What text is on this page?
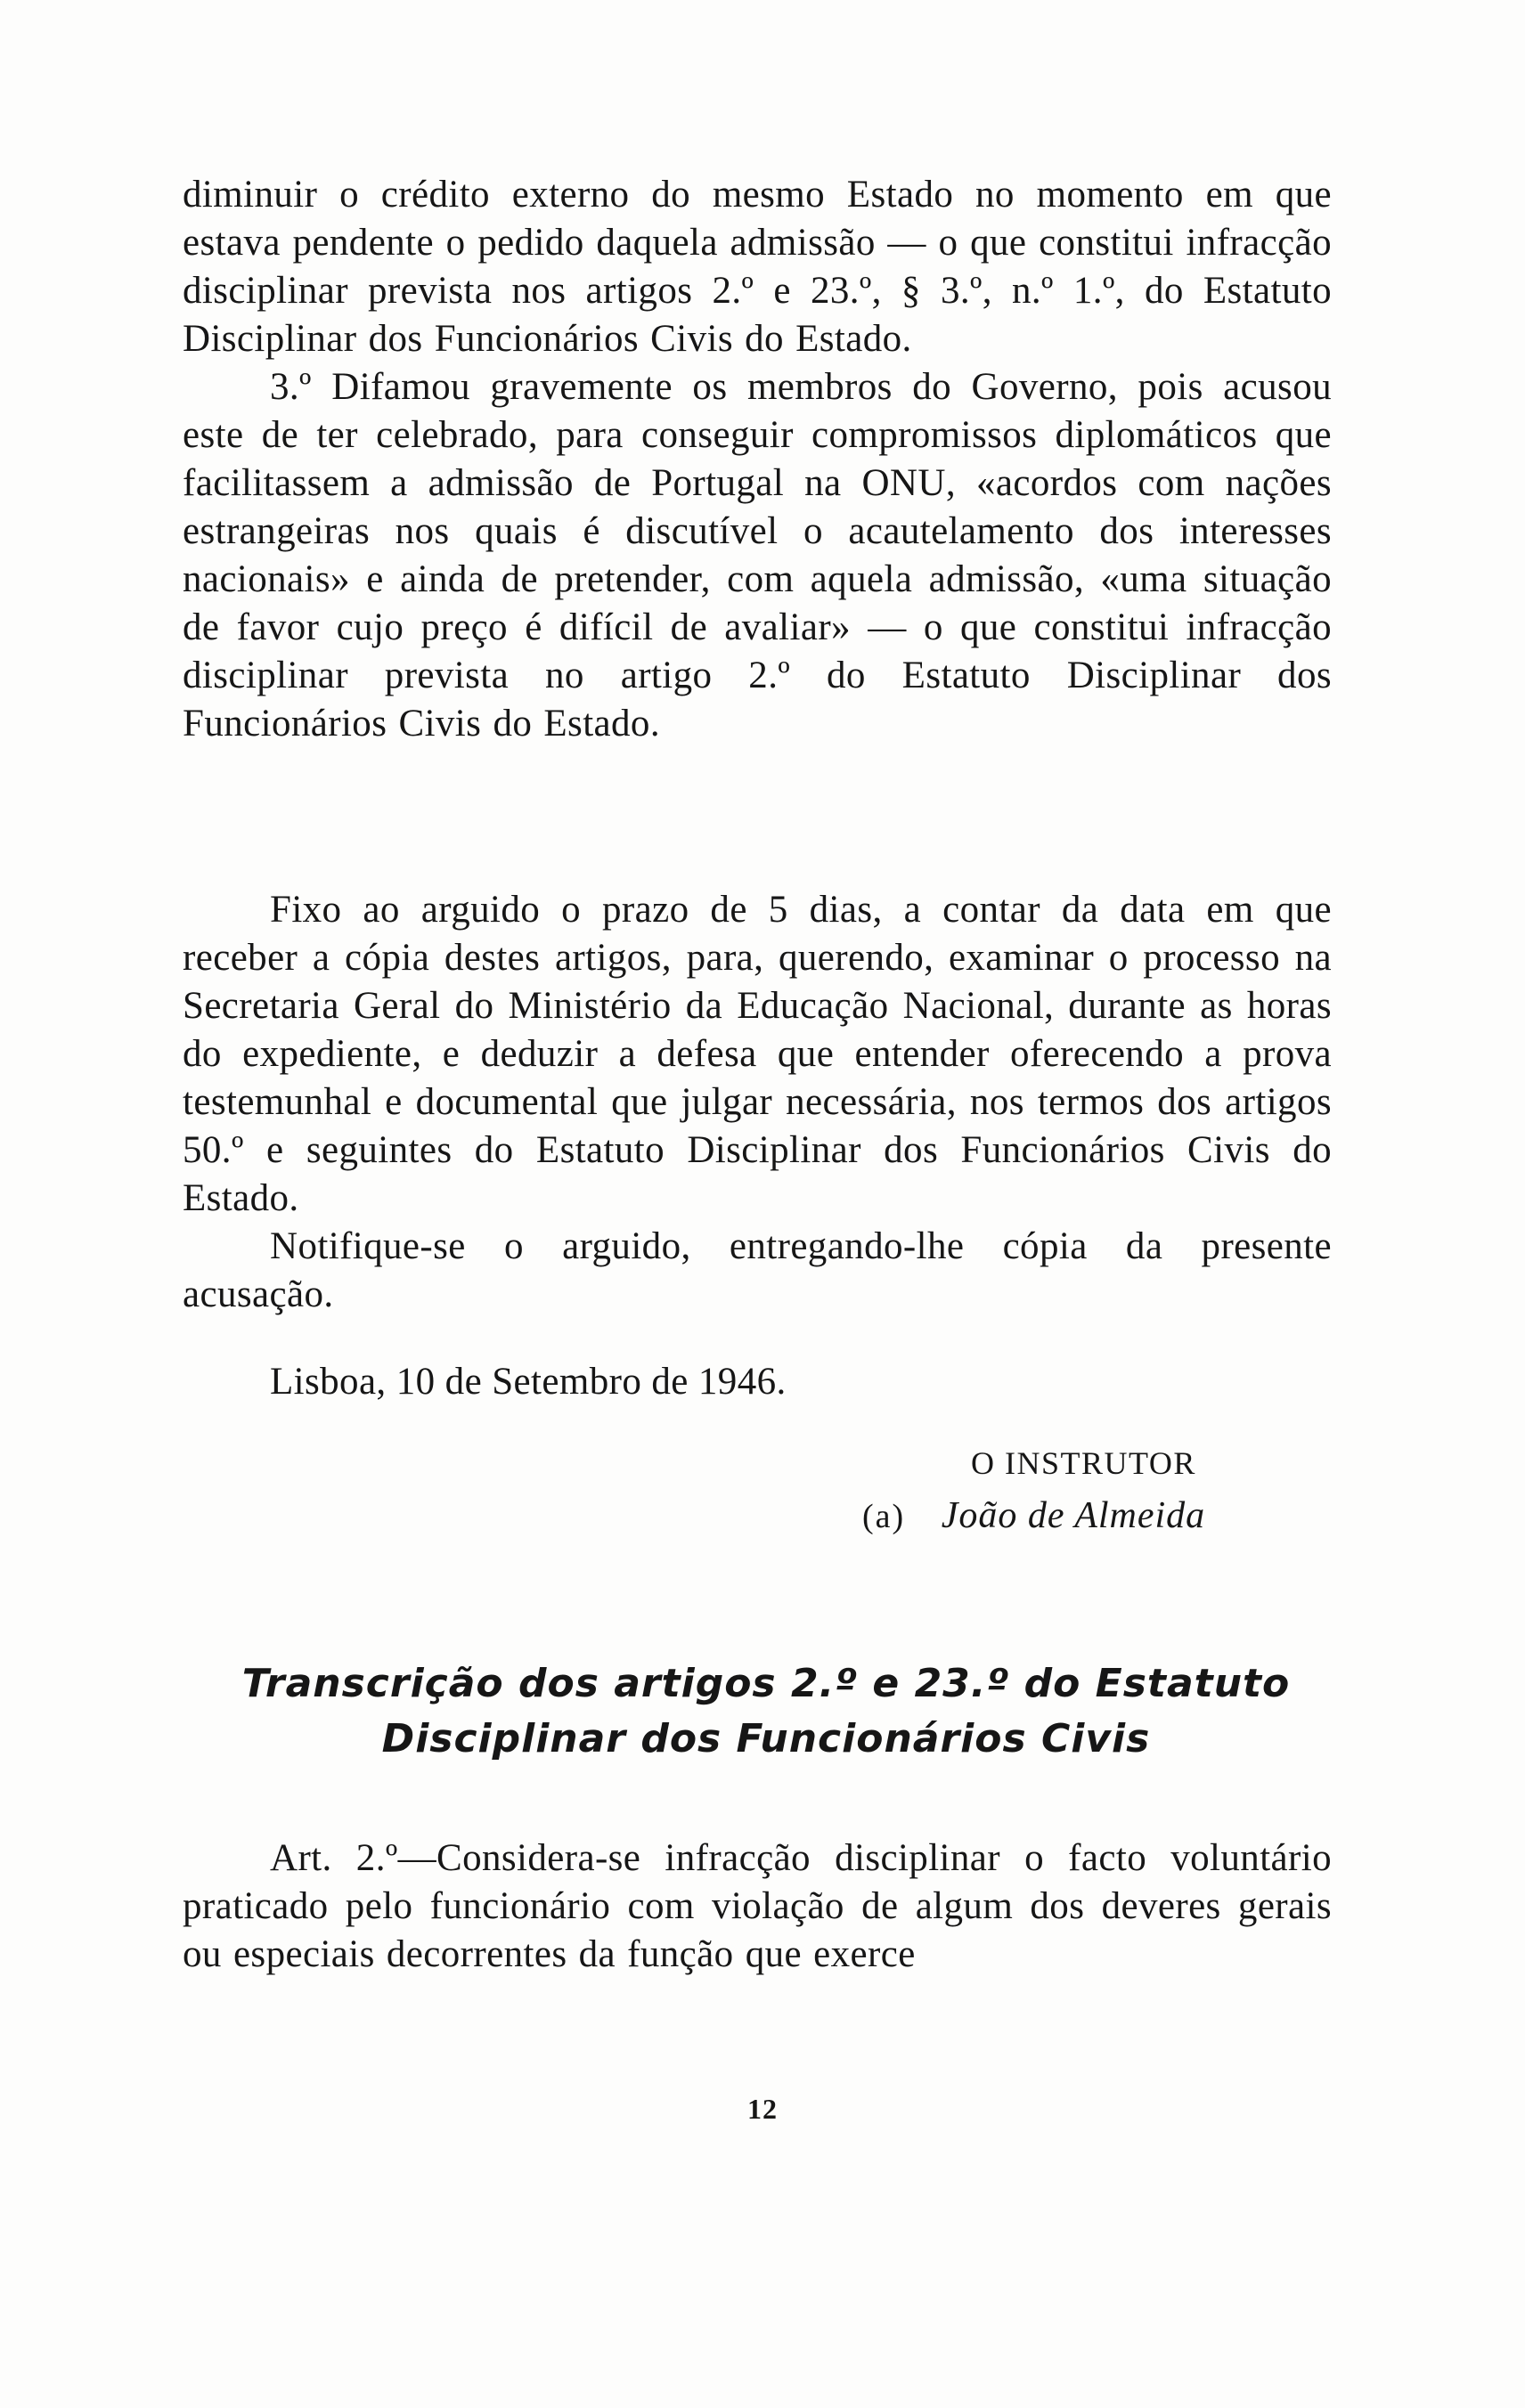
diminuir o crédito externo do mesmo Estado no momento em que estava pendente o pedido daquela admissão — o que constitui infracção disciplinar prevista nos artigos 2.º e 23.º, § 3.º, n.º 1.º, do Estatuto Disciplinar dos Funcionários Civis do Estado.

3.º Difamou gravemente os membros do Governo, pois acusou este de ter celebrado, para conseguir compromissos diplomáticos que facilitassem a admissão de Portugal na ONU, «acordos com nações estrangeiras nos quais é discutível o acautelamento dos interesses nacionais» e ainda de pretender, com aquela admissão, «uma situação de favor cujo preço é difícil de avaliar» — o que constitui infracção disciplinar prevista no artigo 2.º do Estatuto Disciplinar dos Funcionários Civis do Estado.

Fixo ao arguido o prazo de 5 dias, a contar da data em que receber a cópia destes artigos, para, querendo, examinar o processo na Secretaria Geral do Ministério da Educação Nacional, durante as horas do expediente, e deduzir a defesa que entender oferecendo a prova testemunhal e documental que julgar necessária, nos termos dos artigos 50.º e seguintes do Estatuto Disciplinar dos Funcionários Civis do Estado.

Notifique-se o arguido, entregando-lhe cópia da presente acusação.

Lisboa, 10 de Setembro de 1946.
O INSTRUTOR
(a) João de Almeida

Transcrição dos artigos 2.º e 23.º do Estatuto

Disciplinar dos Funcionários Civis

Art. 2.º—Considera-se infracção disciplinar o facto voluntário praticado pelo funcionário com violação de algum dos deveres gerais ou especiais decorrentes da função que exerce

12
